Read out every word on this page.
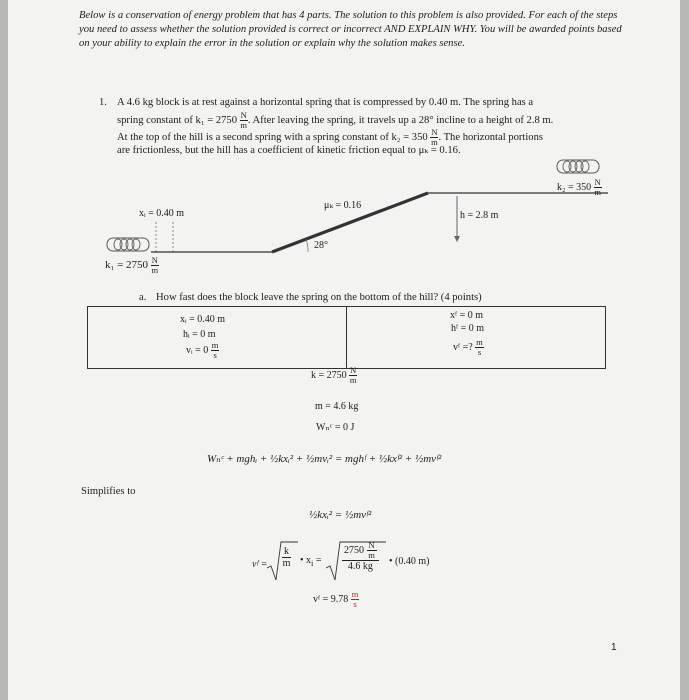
Below is a conservation of energy problem that has 4 parts. The solution to this problem is also provided. For each of the steps you need to assess whether the solution provided is correct or incorrect AND EXPLAIN WHY. You will be awarded points based on your ability to explain the error in the solution or explain why the solution makes sense.
1. A 4.6 kg block is at rest against a horizontal spring that is compressed by 0.40 m. The spring has a
spring constant of $k_1 = 2750 \frac{N}{m}$ . After leaving the spring, it travels up a 28° incline to a height of 2.8 m.
At the top of the hill is a second spring with a spring constant of $k_2 = 350 \frac{N}{m}$ . The horizontal portions
are frictionless, but the hill has a coefficient of kinetic friction equal to μₖ = 0.16.
$k_2 = 350 \frac{N}{m}$
xᵢ = 0.40 m
μₖ = 0.16
h = 2.8 m
28°
$k_1 = 2750 \frac{N}{m}$
a. How fast does the block leave the spring on the bottom of the hill? (4 points)
xᵢ = 0.40 m
hᵢ = 0 m
vᵢ = $0 \frac{m}{s}$
xᶠ = 0 m
hᶠ = 0 m
vᶠ =? $\frac{m}{s}$
$k = 2750 \frac{N}{m}$
m = 4.6 kg
Wₙᶜ = 0 J
Wₙᶜ + mghᵢ + ½kxᵢ² + ½mvᵢ² = mghᶠ + ½kxᶠ² + ½mvᶠ²
Simplifies to
½kxᵢ² = ½mvᶠ²
vᶠ = $\frac{k}{m}$ • $x_i = \frac{2750 \frac{N}{m}}{4.6 kg}$ • (0.40 m)
vᶠ = $9.78 \frac{m}{s}$
1
